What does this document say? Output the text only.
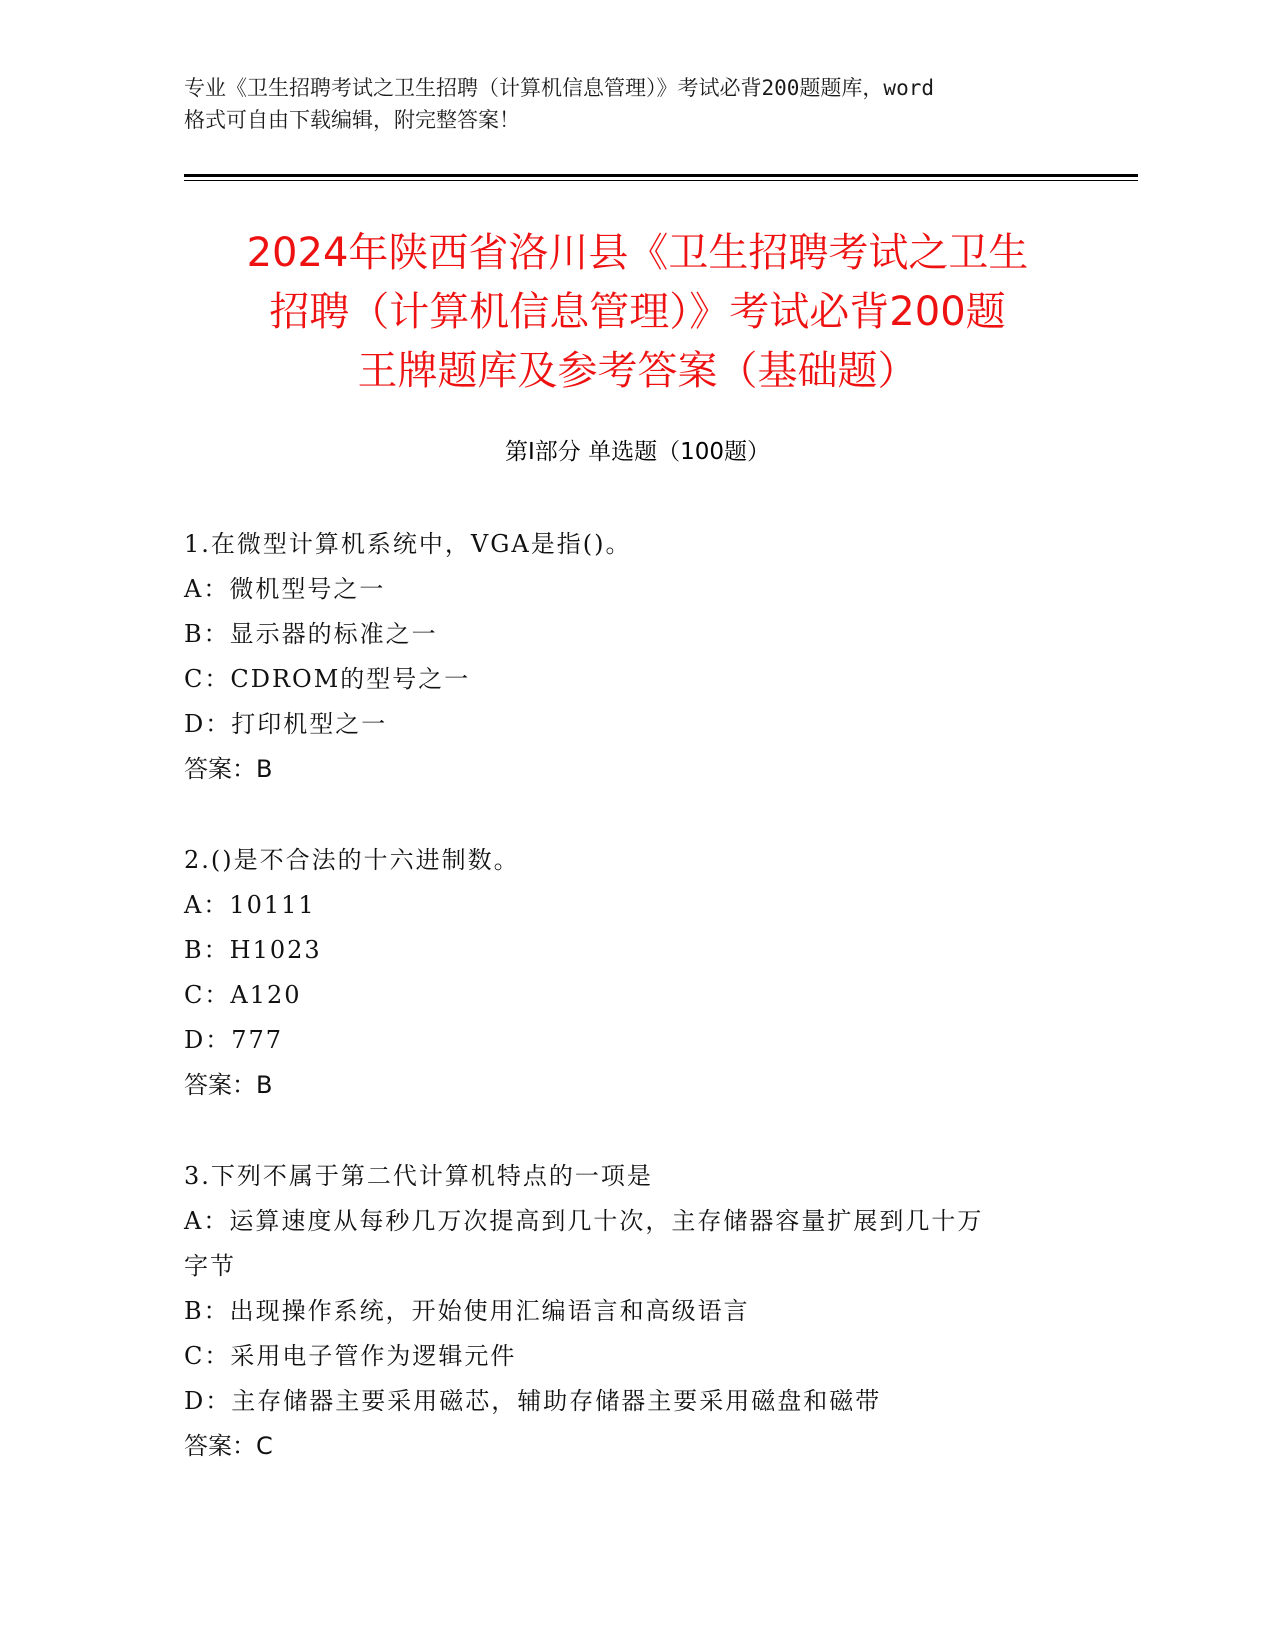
专业《卫生招聘考试之卫生招聘（计算机信息管理）》考试必背200题题库，word
格式可自由下载编辑，附完整答案！
2024年陕西省洛川县《卫生招聘考试之卫生
招聘（计算机信息管理）》考试必背200题
王牌题库及参考答案（基础题）
第Ⅰ部分 单选题（100题）
1.在微型计算机系统中，VGA是指()。
A：微机型号之一
B：显示器的标准之一
C：CDROM的型号之一
D：打印机型之一
答案：B
2.()是不合法的十六进制数。
A：10111
B：H1023
C：A120
D：777
答案：B
3.下列不属于第二代计算机特点的一项是
A：运算速度从每秒几万次提高到几十次，主存储器容量扩展到几十万
字节
B：出现操作系统，开始使用汇编语言和高级语言
C：采用电子管作为逻辑元件
D：主存储器主要采用磁芯，辅助存储器主要采用磁盘和磁带
答案：C
